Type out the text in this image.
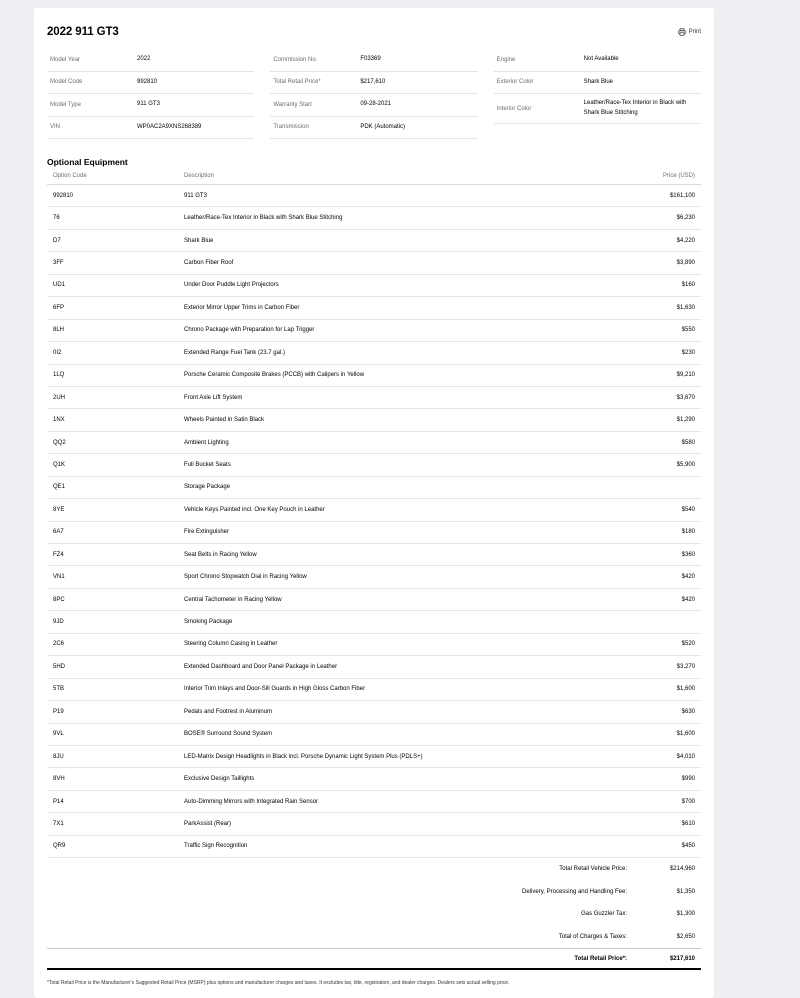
2022 911 GT3	Print
Model Year	2022
Model Code	992810
Model Type	911 GT3
VIN	WP0AC2A9XNS268389
Commission No.	F03369
Total Retail Price*	$217,610
Warranty Start	09-28-2021
Transmission	PDK (Automatic)
Engine	Not Available
Exterior Color	Shark Blue
Interior Color
Leather/Race-Tex Interior in Black with Shark Blue Stitching
Optional Equipment
Option Code	Description	Price (USD)
992810	911 GT3	$161,100
76	Leather/Race-Tex Interior in Black with Shark Blue Stitching	$6,230
D7	Shark Blue	$4,220
3FF	Carbon Fiber Roof	$3,890
UD1	Under Door Puddle Light Projectors	$160
6FP	Exterior Mirror Upper Trims in Carbon Fiber	$1,630
8LH	Chrono Package with Preparation for Lap Trigger	$550
0I2	Extended Range Fuel Tank (23.7 gal.)	$230
1LQ	Porsche Ceramic Composite Brakes (PCCB) with Calipers in Yellow	$9,210
2UH	Front Axle Lift System	$3,670
1NX	Wheels Painted in Satin Black	$1,290
QQ2	Ambient Lighting	$580
Q1K	Full Bucket Seats	$5,900
QE1	Storage Package
8YE	Vehicle Keys Painted incl. One Key Pouch in Leather	$540
6A7	Fire Extinguisher	$180
FZ4	Seat Belts in Racing Yellow	$360
VN1	Sport Chrono Stopwatch Dial in Racing Yellow	$420
8PC	Central Tachometer in Racing Yellow	$420
9JD	Smoking Package
2C6	Steering Column Casing in Leather	$520
5HD	Extended Dashboard and Door Panel Package in Leather	$3,270
5TB	Interior Trim Inlays and Door-Sill Guards in High Gloss Carbon Fiber	$1,600
P19	Pedals and Footrest in Aluminum	$630
9VL	BOSE® Surround Sound System	$1,600
8JU	LED-Matrix Design Headlights in Black incl. Porsche Dynamic Light System Plus (PDLS+)	$4,010
8VH	Exclusive Design Taillights	$990
P14	Auto-Dimming Mirrors with Integrated Rain Sensor	$700
7X1	ParkAssist (Rear)	$610
QR9	Traffic Sign Recognition	$450
Total Retail Vehicle Price:	$214,960
Delivery, Processing and Handling Fee:	$1,350
Gas Guzzler Tax:	$1,300
Total of Charges & Taxes:	$2,650
Total Retail Price*:	$217,610
*Total Retail Price is the Manufacturer's Suggested Retail Price (MSRP) plus options and manufacturer charges and taxes. It excludes tax, title, registration, and dealer charges. Dealers sets actual selling price.
